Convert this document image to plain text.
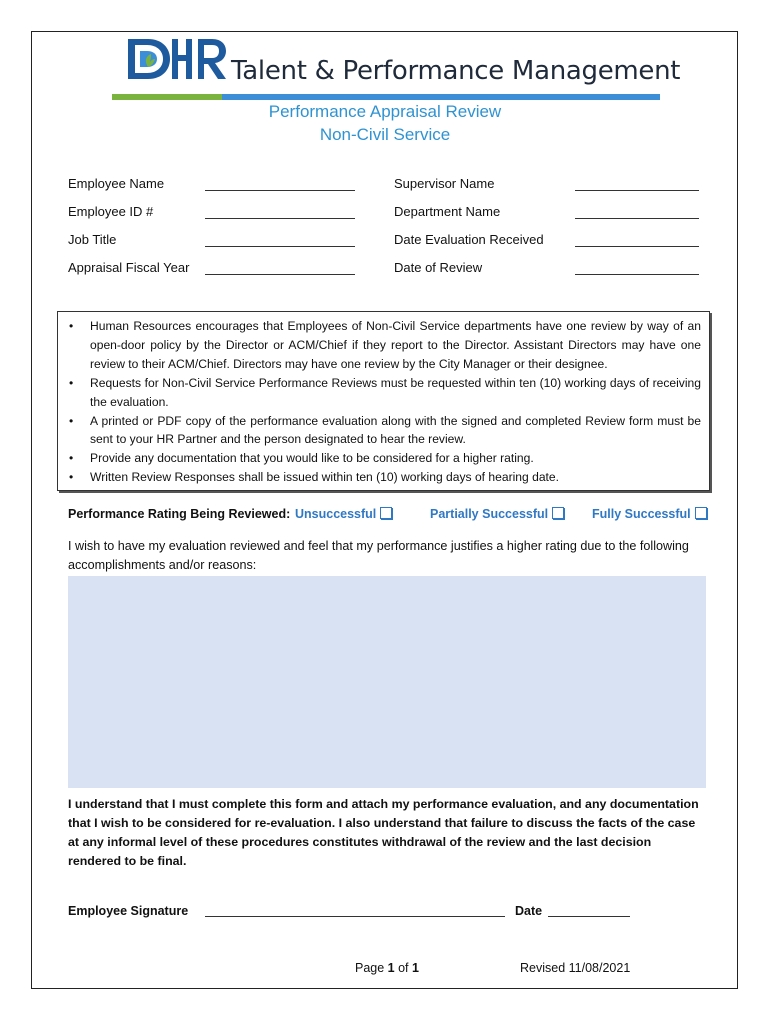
Talent & Performance Management
Performance Appraisal Review
Non-Civil Service
Employee Name
Employee ID #
Job Title
Appraisal Fiscal Year
Supervisor Name
Department Name
Date Evaluation Received
Date of Review
• Human Resources encourages that Employees of Non-Civil Service departments have one review by way of an open-door policy by the Director or ACM/Chief if they report to the Director. Assistant Directors may have one review to their ACM/Chief. Directors may have one review by the City Manager or their designee.
• Requests for Non-Civil Service Performance Reviews must be requested within ten (10) working days of receiving the evaluation.
• A printed or PDF copy of the performance evaluation along with the signed and completed Review form must be sent to your HR Partner and the person designated to hear the review.
• Provide any documentation that you would like to be considered for a higher rating.
• Written Review Responses shall be issued within ten (10) working days of hearing date.
Performance Rating Being Reviewed: Unsuccessful	Partially Successful	Fully Successful
I wish to have my evaluation reviewed and feel that my performance justifies a higher rating due to the following accomplishments and/or reasons:
I understand that I must complete this form and attach my performance evaluation, and any documentation that I wish to be considered for re-evaluation. I also understand that failure to discuss the facts of the case at any informal level of these procedures constitutes withdrawal of the review and the last decision rendered to be final.
Employee Signature	Date
Page 1 of 1	Revised 11/08/2021
